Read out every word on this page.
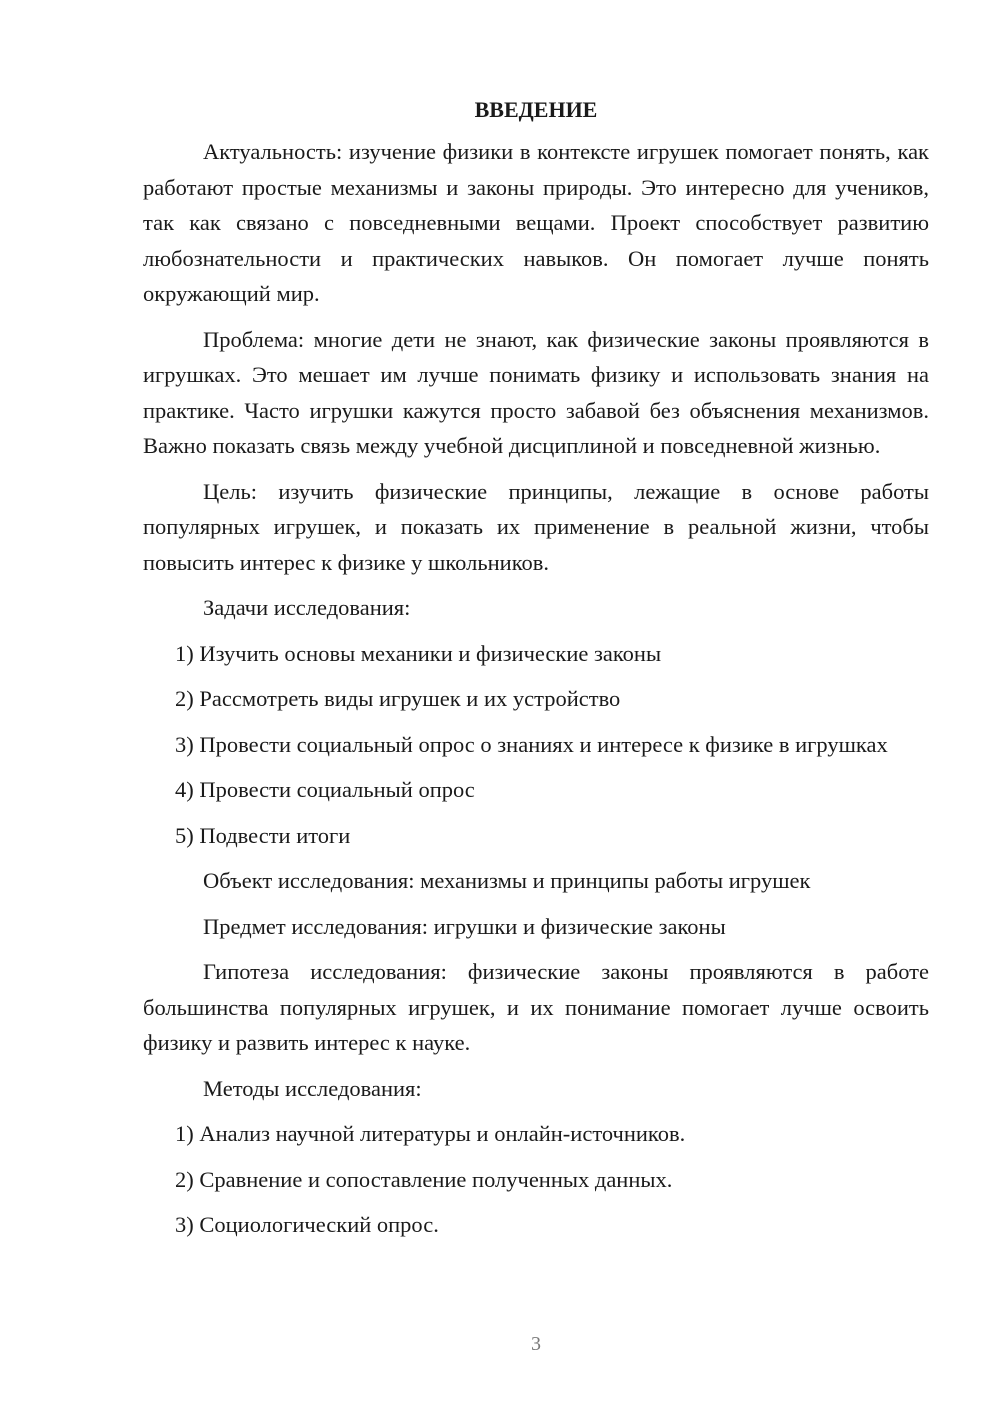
ВВЕДЕНИЕ

Актуальность: изучение физики в контексте игрушек помогает понять, как работают простые механизмы и законы природы. Это интересно для учеников, так как связано с повседневными вещами. Проект способствует развитию любознательности и практических навыков. Он помогает лучше понять окружающий мир.

Проблема: многие дети не знают, как физические законы проявляются в игрушках. Это мешает им лучше понимать физику и использовать знания на практике. Часто игрушки кажутся просто забавой без объяснения механизмов. Важно показать связь между учебной дисциплиной и повседневной жизнью.

Цель: изучить физические принципы, лежащие в основе работы популярных игрушек, и показать их применение в реальной жизни, чтобы повысить интерес к физике у школьников.

Задачи исследования:

1) Изучить основы механики и физические законы

2) Рассмотреть виды игрушек и их устройство

3) Провести социальный опрос о знаниях и интересе к физике в игрушках

4) Провести социальный опрос

5) Подвести итоги

Объект исследования: механизмы и принципы работы игрушек

Предмет исследования: игрушки и физические законы

Гипотеза исследования: физические законы проявляются в работе большинства популярных игрушек, и их понимание помогает лучше освоить физику и развить интерес к науке.

Методы исследования:

1) Анализ научной литературы и онлайн-источников.

2) Сравнение и сопоставление полученных данных.

3) Социологический опрос.

3
